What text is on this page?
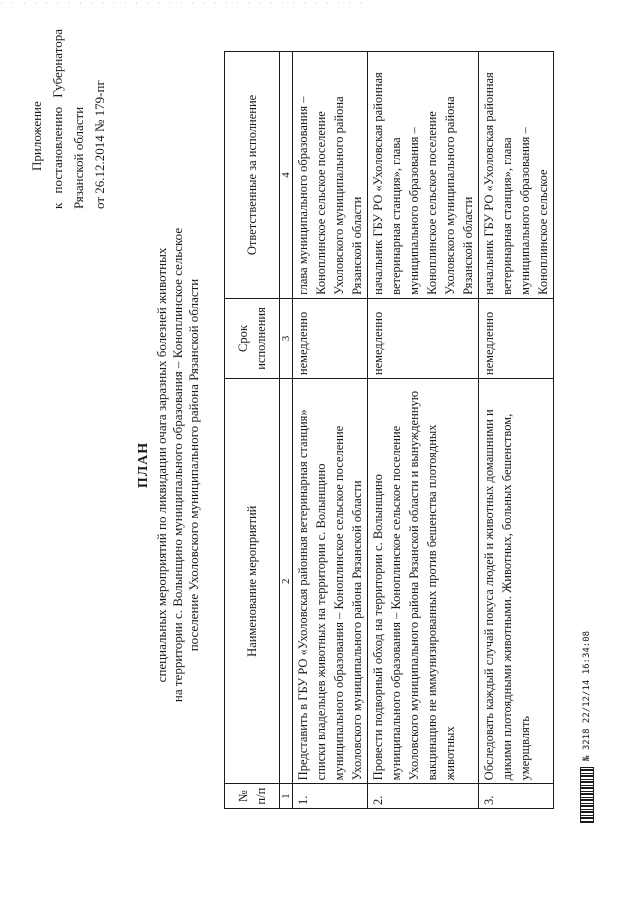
· · · · · · · · · · · · · · · · · · · · · · · · · · · · · · · · ·
Приложение
к
постановлению
Губернатора
Рязанской области от 26.12.2014 № 179-пг
ПЛАН специальных мероприятий по ликвидации очага заразных болезней животных на территории с. Волынщино муниципального образования – Коноплинское сельское поселение Ухоловского муниципального района Рязанской области
№ п/п	Наименование мероприятий	Срок исполнения	Ответственные за исполнение
1	2	3	4
1.	Представить в ГБУ РО «Ухоловская районная ветеринарная станция» списки владельцев животных на территории с. Волынщино муниципального образования – Коноплинское сельское поселение Ухоловского муниципального района Рязанской области	немедленно	глава муниципального образования – Коноплинское сельское поселение Ухоловского муниципального района Рязанской области
2.	Провести подворный обход на территории с. Волынщино муниципального образования – Коноплинское сельское поселение Ухоловского муниципального района Рязанской области и вынужденную вакцинацию не иммунизированных против бешенства плотоядных животных	немедленно	начальник ГБУ РО «Ухоловская районная ветеринарная станция», глава муниципального образования – Коноплинское сельское поселение Ухоловского муниципального района Рязанской области
3.	Обследовать каждый случай покуса людей и животных домашними и дикими плотоядными животными. Животных, больных бешенством, умерщвлять	немедленно	начальник ГБУ РО «Ухоловская районная ветеринарная станция», глава муниципального образования – Коноплинское сельское
№ 3218 22/12/14 16:34:08
